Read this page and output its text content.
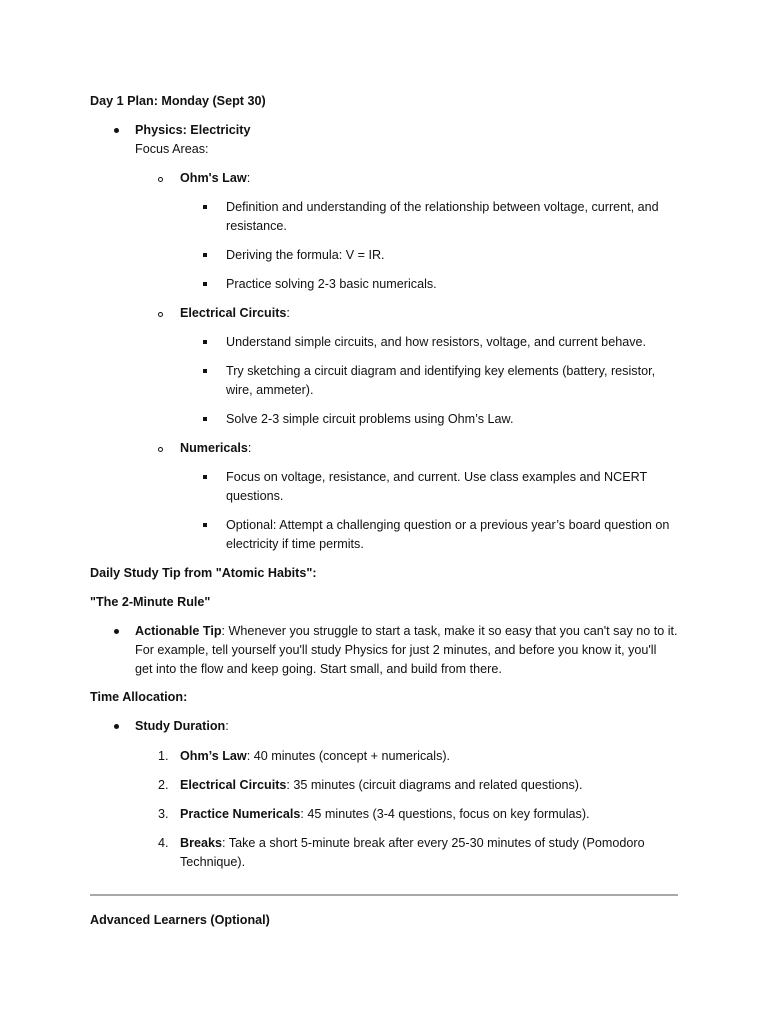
Day 1 Plan: Monday (Sept 30)
Physics: Electricity
Focus Areas:
Ohm's Law:
Definition and understanding of the relationship between voltage, current, and
resistance.
Deriving the formula: V = IR.
Practice solving 2-3 basic numericals.
Electrical Circuits:
Understand simple circuits, and how resistors, voltage, and current behave.
Try sketching a circuit diagram and identifying key elements (battery, resistor,
wire, ammeter).
Solve 2-3 simple circuit problems using Ohm’s Law.
Numericals:
Focus on voltage, resistance, and current. Use class examples and NCERT
questions.
Optional: Attempt a challenging question or a previous year’s board question on
electricity if time permits.
Daily Study Tip from "Atomic Habits":
"The 2-Minute Rule"
Actionable Tip: Whenever you struggle to start a task, make it so easy that you can't say no to it.
For example, tell yourself you'll study Physics for just 2 minutes, and before you know it, you'll
get into the flow and keep going. Start small, and build from there.
Time Allocation:
Study Duration:
1. Ohm’s Law: 40 minutes (concept + numericals).
2. Electrical Circuits: 35 minutes (circuit diagrams and related questions).
3. Practice Numericals: 45 minutes (3-4 questions, focus on key formulas).
4. Breaks: Take a short 5-minute break after every 25-30 minutes of study (Pomodoro
Technique).
Advanced Learners (Optional)
